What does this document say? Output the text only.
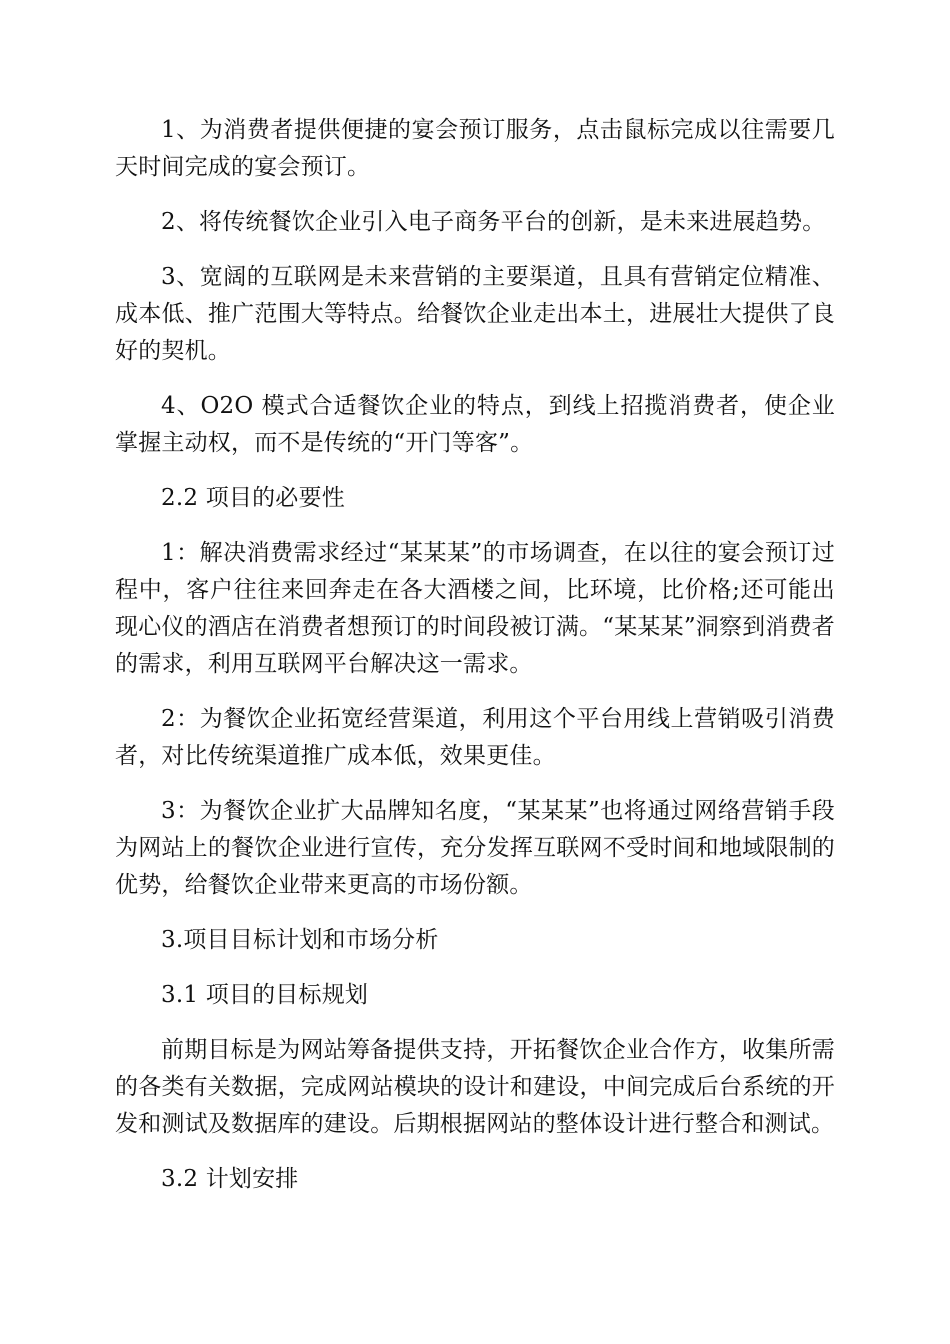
1、为消费者提供便捷的宴会预订服务，点击鼠标完成以往需要几天时间完成的宴会预订。

2、将传统餐饮企业引入电子商务平台的创新，是未来进展趋势。

3、宽阔的互联网是未来营销的主要渠道，且具有营销定位精准、成本低、推广范围大等特点。给餐饮企业走出本土，进展壮大提供了良好的契机。

4、O2O 模式合适餐饮企业的特点，到线上招揽消费者，使企业掌握主动权，而不是传统的“开门等客”。

2.2 项目的必要性

1：解决消费需求经过“某某某”的市场调查，在以往的宴会预订过程中，客户往往来回奔走在各大酒楼之间，比环境，比价格;还可能出现心仪的酒店在消费者想预订的时间段被订满。“某某某”洞察到消费者的需求，利用互联网平台解决这一需求。

2：为餐饮企业拓宽经营渠道，利用这个平台用线上营销吸引消费者，对比传统渠道推广成本低，效果更佳。

3：为餐饮企业扩大品牌知名度，“某某某”也将通过网络营销手段为网站上的餐饮企业进行宣传，充分发挥互联网不受时间和地域限制的优势，给餐饮企业带来更高的市场份额。

3.项目目标计划和市场分析

3.1 项目的目标规划

前期目标是为网站筹备提供支持，开拓餐饮企业合作方，收集所需的各类有关数据，完成网站模块的设计和建设，中间完成后台系统的开发和测试及数据库的建设。后期根据网站的整体设计进行整合和测试。

3.2 计划安排
